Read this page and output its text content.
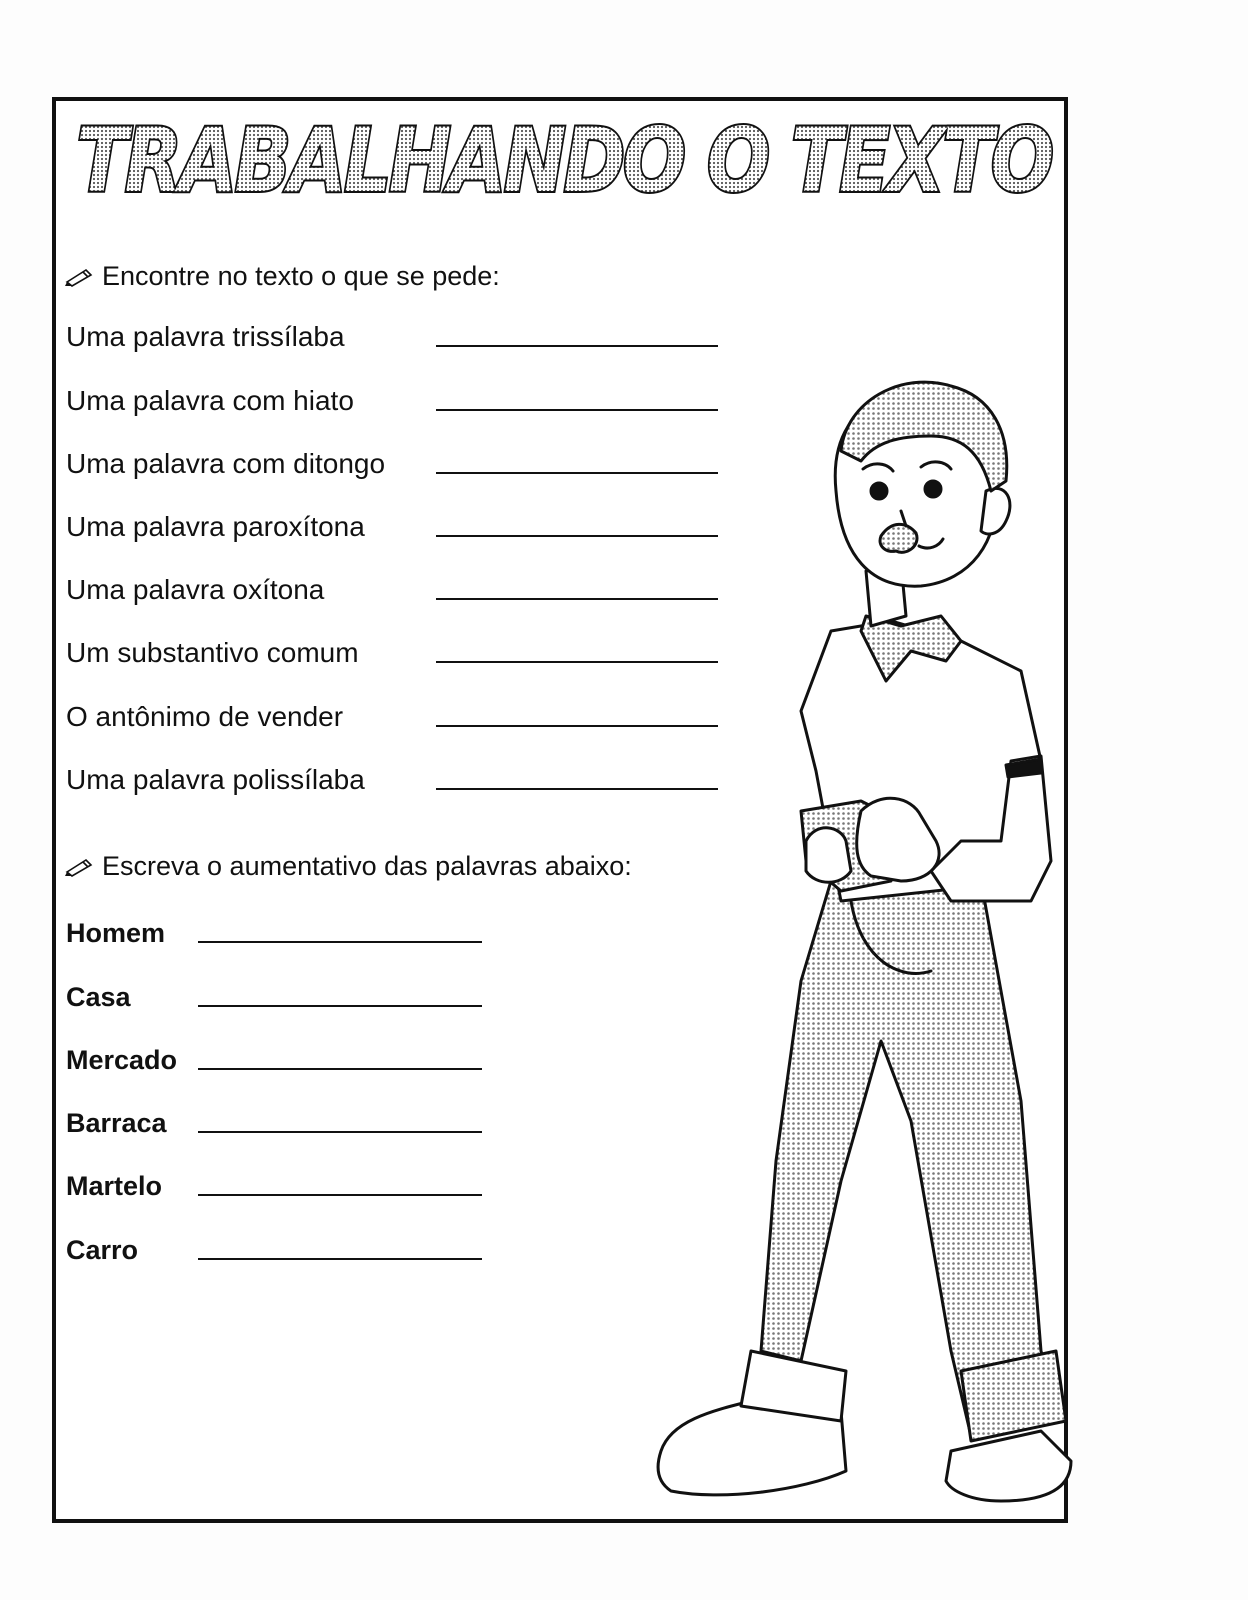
TRABALHANDO O TEXTO
Encontre no texto o que se pede:
Uma palavra trissílaba
Uma palavra com hiato
Uma palavra com ditongo
Uma palavra paroxítona
Uma palavra oxítona
Um substantivo comum
O antônimo de vender
Uma palavra polissílaba
Escreva o aumentativo das palavras abaixo:
Homem
Casa
Mercado
Barraca
Martelo
Carro
